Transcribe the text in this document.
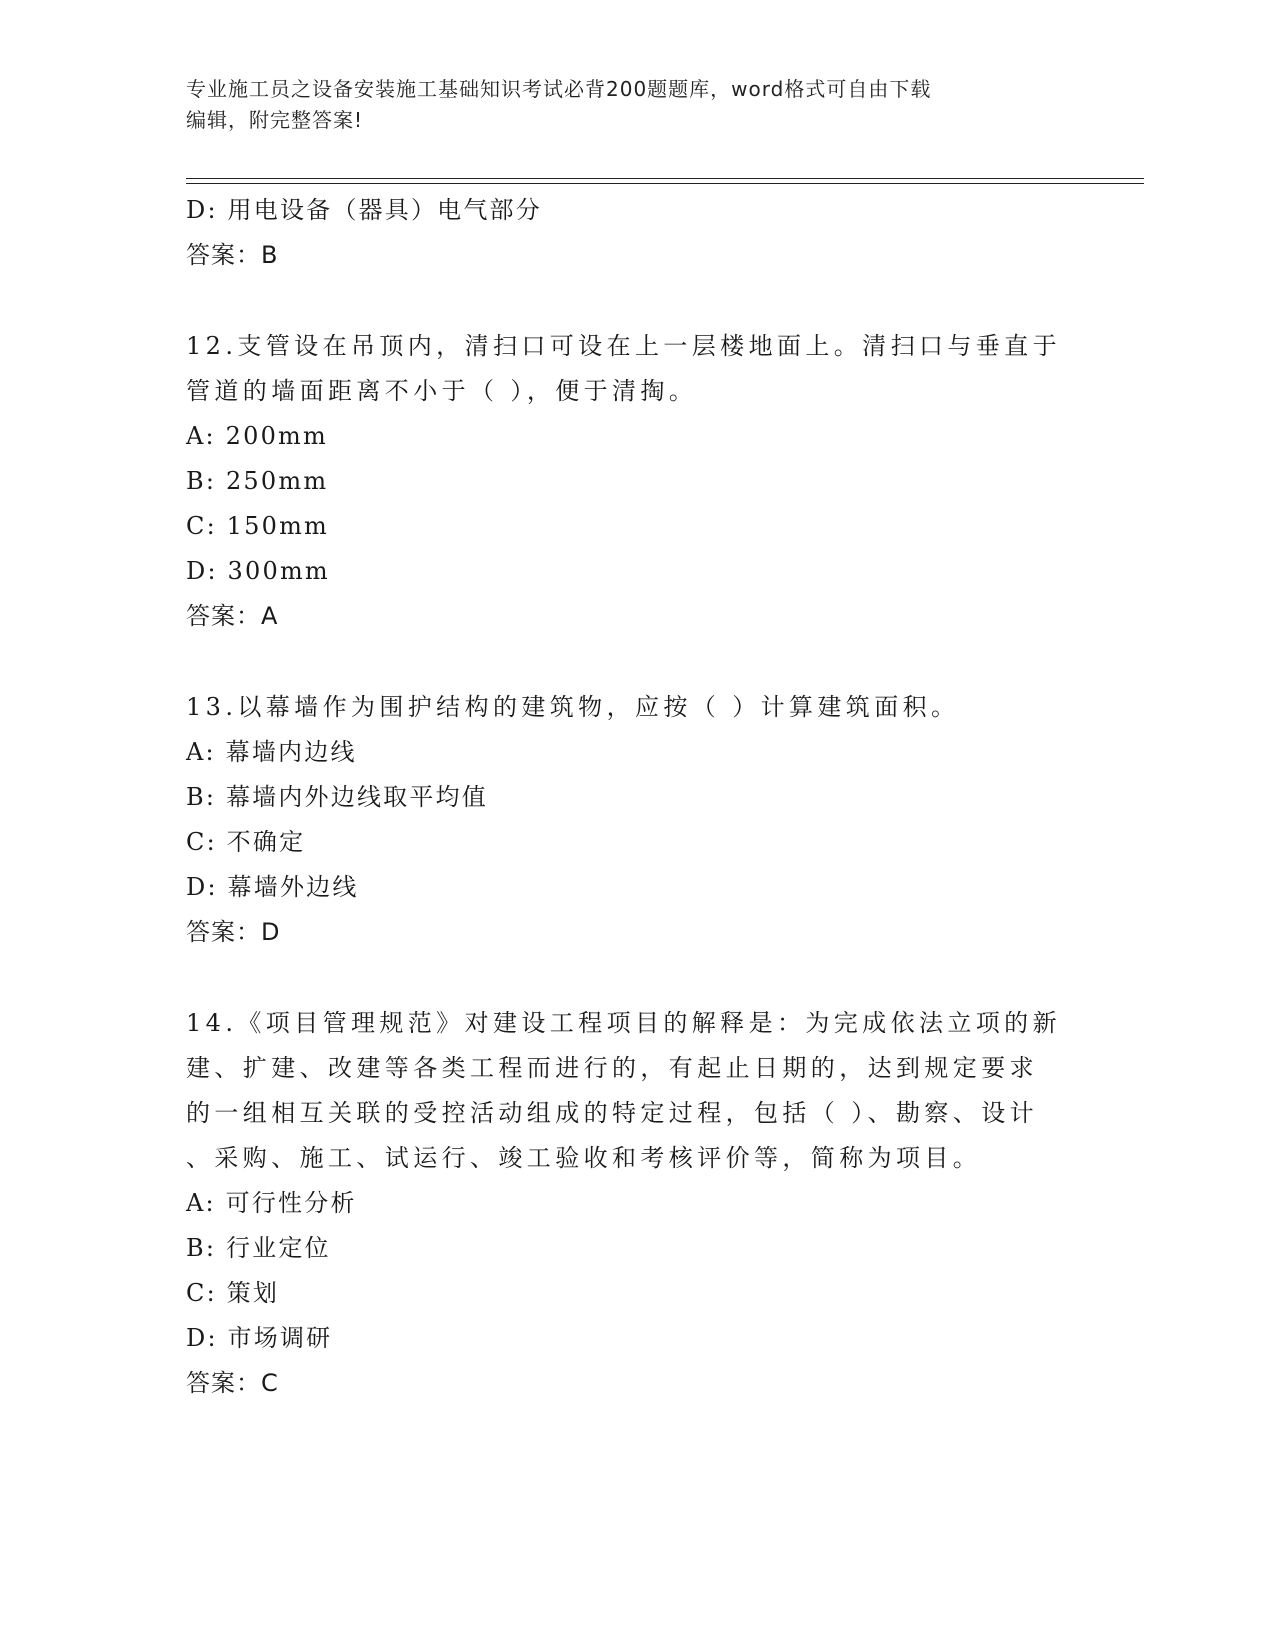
专业施工员之设备安装施工基础知识考试必背200题题库，word格式可自由下载
编辑，附完整答案!
D: 用电设备（器具）电气部分
答案：B
12.支管设在吊顶内，清扫口可设在上一层楼地面上。清扫口与垂直于
管道的墙面距离不小于（ ），便于清掏。
A: 200mm
B: 250mm
C: 150mm
D: 300mm
答案：A
13.以幕墙作为围护结构的建筑物，应按（ ）计算建筑面积。
A: 幕墙内边线
B: 幕墙内外边线取平均值
C: 不确定
D: 幕墙外边线
答案：D
14.《项目管理规范》对建设工程项目的解释是：为完成依法立项的新
建、扩建、改建等各类工程而进行的，有起止日期的，达到规定要求
的一组相互关联的受控活动组成的特定过程，包括（ ）、勘察、设计
、采购、施工、试运行、竣工验收和考核评价等，简称为项目。
A: 可行性分析
B: 行业定位
C: 策划
D: 市场调研
答案：C
